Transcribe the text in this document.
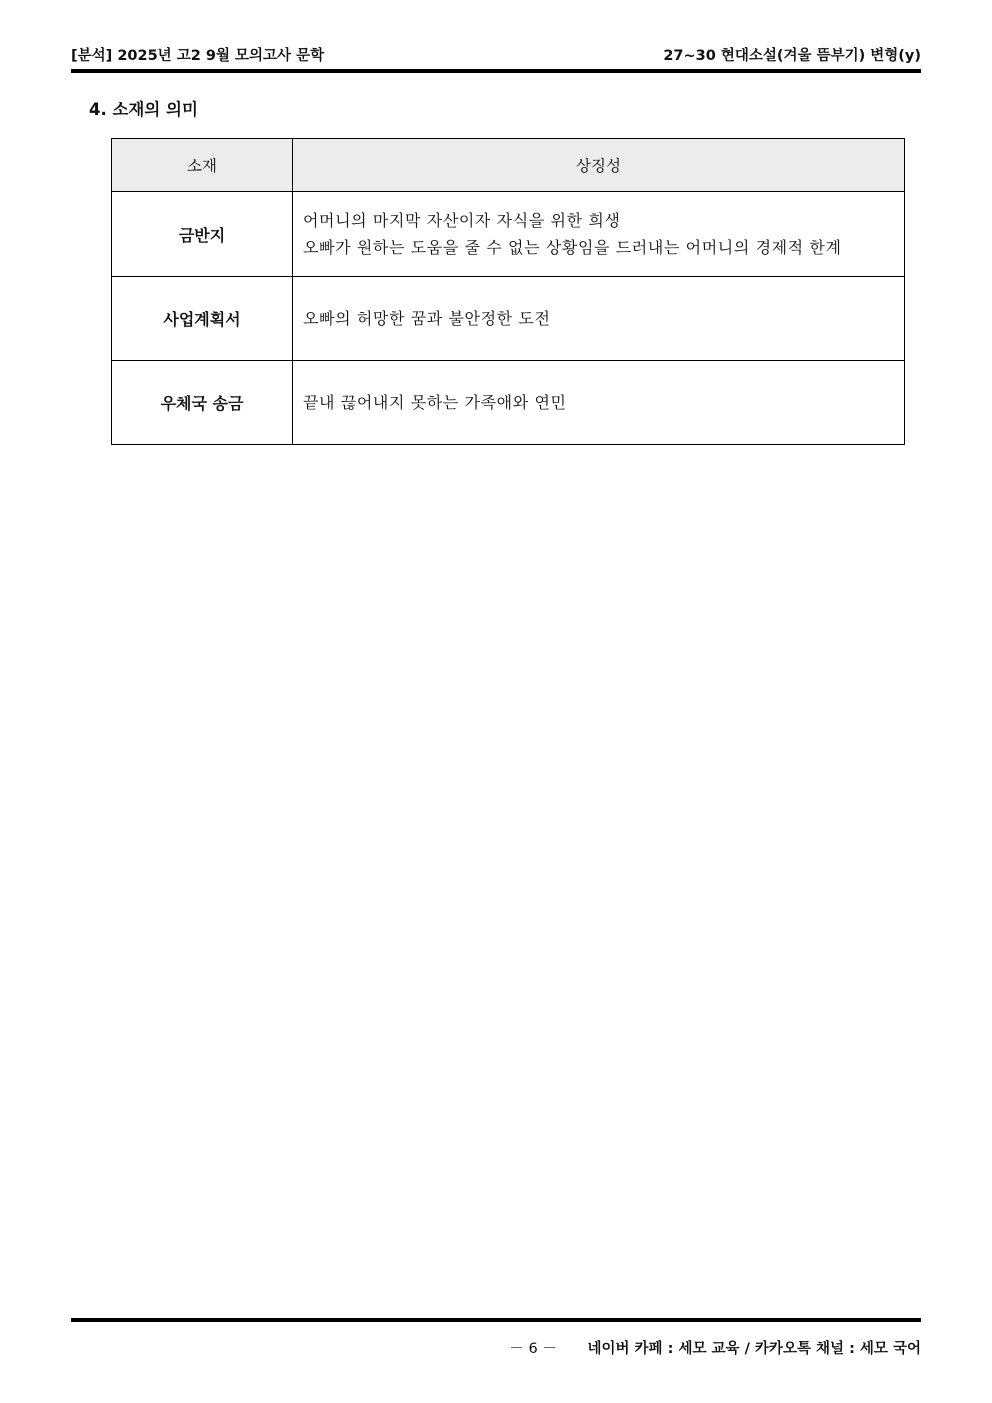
[분석] 2025년 고2 9월 모의고사 문학	27~30 현대소설(겨울 뜸부기) 변형(y)
4. 소재의 의미
소재	상징성
금반지	어머니의 마지막 자산이자 자식을 위한 희생
오빠가 원하는 도움을 줄 수 없는 상황임을 드러내는 어머니의 경제적 한계

사업계획서	오빠의 허망한 꿈과 불안정한 도전

우체국 송금	끝내 끊어내지 못하는 가족애와 연민
－ 6 － 네이버 카페 : 세모 교육 / 카카오톡 채널 : 세모 국어
